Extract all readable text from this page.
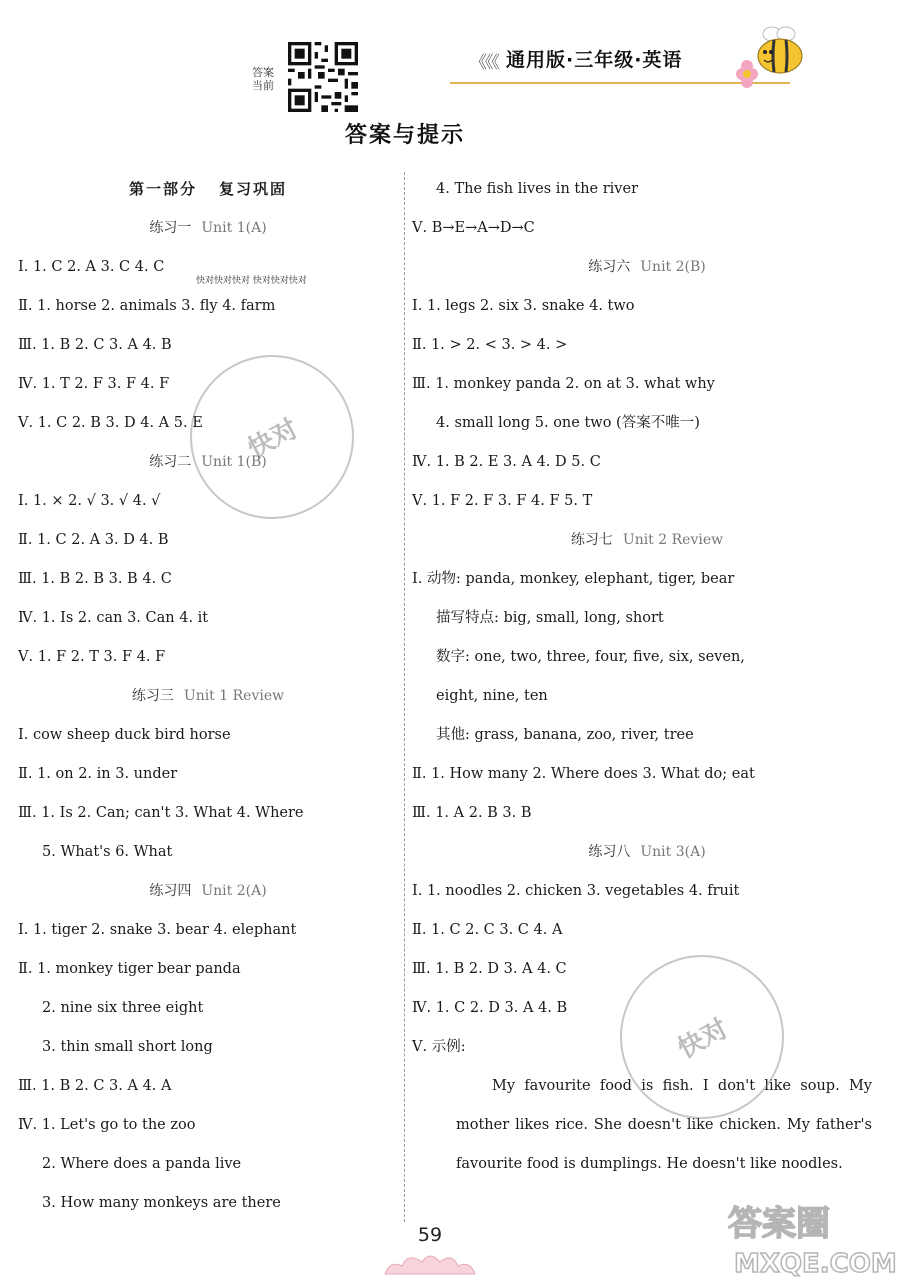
答案当前
《《《 通用版·三年级·英语
答案与提示
第一部分 复习巩固
练习一 Unit 1(A)
Ⅰ. 1. C 2. A 3. C 4. C
Ⅱ. 1. horse 2. animals 3. fly 4. farm
Ⅲ. 1. B 2. C 3. A 4. B
Ⅳ. 1. T 2. F 3. F 4. F
Ⅴ. 1. C 2. B 3. D 4. A 5. E
练习二 Unit 1(B)
Ⅰ. 1. × 2. √ 3. √ 4. √
Ⅱ. 1. C 2. A 3. D 4. B
Ⅲ. 1. B 2. B 3. B 4. C
Ⅳ. 1. Is 2. can 3. Can 4. it
Ⅴ. 1. F 2. T 3. F 4. F
练习三 Unit 1 Review
Ⅰ. cow sheep duck bird horse
Ⅱ. 1. on 2. in 3. under
Ⅲ. 1. Is 2. Can; can't 3. What 4. Where
5. What's 6. What
练习四 Unit 2(A)
Ⅰ. 1. tiger 2. snake 3. bear 4. elephant
Ⅱ. 1. monkey tiger bear panda
2. nine six three eight
3. thin small short long
Ⅲ. 1. B 2. C 3. A 4. A
Ⅳ. 1. Let's go to the zoo
2. Where does a panda live
3. How many monkeys are there
4. The fish lives in the river
Ⅴ. B→E→A→D→C
练习六 Unit 2(B)
Ⅰ. 1. legs 2. six 3. snake 4. two
Ⅱ. 1. > 2. < 3. > 4. >
Ⅲ. 1. monkey panda 2. on at 3. what why
4. small long 5. one two (答案不唯一)
Ⅳ. 1. B 2. E 3. A 4. D 5. C
Ⅴ. 1. F 2. F 3. F 4. F 5. T
练习七 Unit 2 Review
Ⅰ. 动物: panda, monkey, elephant, tiger, bear
描写特点: big, small, long, short
数字: one, two, three, four, five, six, seven,
eight, nine, ten
其他: grass, banana, zoo, river, tree
Ⅱ. 1. How many 2. Where does 3. What do; eat
Ⅲ. 1. A 2. B 3. B
练习八 Unit 3(A)
Ⅰ. 1. noodles 2. chicken 3. vegetables 4. fruit
Ⅱ. 1. C 2. C 3. C 4. A
Ⅲ. 1. B 2. D 3. A 4. C
Ⅳ. 1. C 2. D 3. A 4. B
Ⅴ. 示例:

My favourite food is fish. I don't like soup. My mother likes rice. She doesn't like chicken. My father's favourite food is dumplings. He doesn't like noodles.

快对快对快对 快对快对快对
快对
快对
答案圈
MXQE.COM
59
